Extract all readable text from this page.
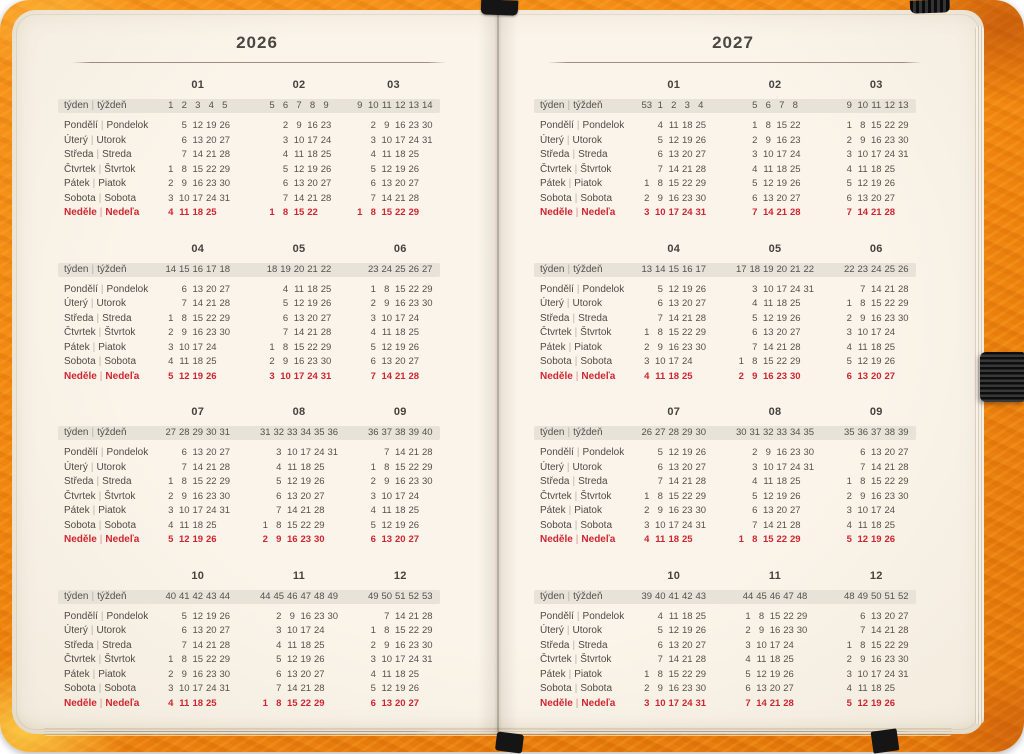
2026
týden | týždeň
Pondělí | Pondelok
Úterý | Utorok
Středa | Streda
Čtvrtek | Štvrtok
Pátek | Piatok
Sobota | Sobota
Neděle | Nedeľa
01
1 2 3 4 5
5 12 19 26
6 13 20 27
7 14 21 28
1 8 15 22 29
2 9 16 23 30
3 10 17 24 31
4 11 18 25
02
5 6 7 8 9
2 9 16 23
3 10 17 24
4 11 18 25
5 12 19 26
6 13 20 27
7 14 21 28
1 8 15 22
03
9 10 11 12 13 14
2 9 16 23 30
3 10 17 24 31
4 11 18 25
5 12 19 26
6 13 20 27
7 14 21 28
1 8 15 22 29
týden | týždeň
Pondělí | Pondelok
Úterý | Utorok
Středa | Streda
Čtvrtek | Štvrtok
Pátek | Piatok
Sobota | Sobota
Neděle | Nedeľa
04
14 15 16 17 18
6 13 20 27
7 14 21 28
1 8 15 22 29
2 9 16 23 30
3 10 17 24
4 11 18 25
5 12 19 26
05
18 19 20 21 22
4 11 18 25
5 12 19 26
6 13 20 27
7 14 21 28
1 8 15 22 29
2 9 16 23 30
3 10 17 24 31
06
23 24 25 26 27
1 8 15 22 29
2 9 16 23 30
3 10 17 24
4 11 18 25
5 12 19 26
6 13 20 27
7 14 21 28
týden | týždeň
Pondělí | Pondelok
Úterý | Utorok
Středa | Streda
Čtvrtek | Štvrtok
Pátek | Piatok
Sobota | Sobota
Neděle | Nedeľa
07
27 28 29 30 31
6 13 20 27
7 14 21 28
1 8 15 22 29
2 9 16 23 30
3 10 17 24 31
4 11 18 25
5 12 19 26
08
31 32 33 34 35 36
3 10 17 24 31
4 11 18 25
5 12 19 26
6 13 20 27
7 14 21 28
1 8 15 22 29
2 9 16 23 30
09
36 37 38 39 40
7 14 21 28
1 8 15 22 29
2 9 16 23 30
3 10 17 24
4 11 18 25
5 12 19 26
6 13 20 27
týden | týždeň
Pondělí | Pondelok
Úterý | Utorok
Středa | Streda
Čtvrtek | Štvrtok
Pátek | Piatok
Sobota | Sobota
Neděle | Nedeľa
10
40 41 42 43 44
5 12 19 26
6 13 20 27
7 14 21 28
1 8 15 22 29
2 9 16 23 30
3 10 17 24 31
4 11 18 25
11
44 45 46 47 48 49
2 9 16 23 30
3 10 17 24
4 11 18 25
5 12 19 26
6 13 20 27
7 14 21 28
1 8 15 22 29
12
49 50 51 52 53
7 14 21 28
1 8 15 22 29
2 9 16 23 30
3 10 17 24 31
4 11 18 25
5 12 19 26
6 13 20 27
2027
týden | týždeň
Pondělí | Pondelok
Úterý | Utorok
Středa | Streda
Čtvrtek | Štvrtok
Pátek | Piatok
Sobota | Sobota
Neděle | Nedeľa
01
53 1 2 3 4
4 11 18 25
5 12 19 26
6 13 20 27
7 14 21 28
1 8 15 22 29
2 9 16 23 30
3 10 17 24 31
02
5 6 7 8
1 8 15 22
2 9 16 23
3 10 17 24
4 11 18 25
5 12 19 26
6 13 20 27
7 14 21 28
03
9 10 11 12 13
1 8 15 22 29
2 9 16 23 30
3 10 17 24 31
4 11 18 25
5 12 19 26
6 13 20 27
7 14 21 28
týden | týždeň
Pondělí | Pondelok
Úterý | Utorok
Středa | Streda
Čtvrtek | Štvrtok
Pátek | Piatok
Sobota | Sobota
Neděle | Nedeľa
04
13 14 15 16 17
5 12 19 26
6 13 20 27
7 14 21 28
1 8 15 22 29
2 9 16 23 30
3 10 17 24
4 11 18 25
05
17 18 19 20 21 22
3 10 17 24 31
4 11 18 25
5 12 19 26
6 13 20 27
7 14 21 28
1 8 15 22 29
2 9 16 23 30
06
22 23 24 25 26
7 14 21 28
1 8 15 22 29
2 9 16 23 30
3 10 17 24
4 11 18 25
5 12 19 26
6 13 20 27
týden | týždeň
Pondělí | Pondelok
Úterý | Utorok
Středa | Streda
Čtvrtek | Štvrtok
Pátek | Piatok
Sobota | Sobota
Neděle | Nedeľa
07
26 27 28 29 30
5 12 19 26
6 13 20 27
7 14 21 28
1 8 15 22 29
2 9 16 23 30
3 10 17 24 31
4 11 18 25
08
30 31 32 33 34 35
2 9 16 23 30
3 10 17 24 31
4 11 18 25
5 12 19 26
6 13 20 27
7 14 21 28
1 8 15 22 29
09
35 36 37 38 39
6 13 20 27
7 14 21 28
1 8 15 22 29
2 9 16 23 30
3 10 17 24
4 11 18 25
5 12 19 26
týden | týždeň
Pondělí | Pondelok
Úterý | Utorok
Středa | Streda
Čtvrtek | Štvrtok
Pátek | Piatok
Sobota | Sobota
Neděle | Nedeľa
10
39 40 41 42 43
4 11 18 25
5 12 19 26
6 13 20 27
7 14 21 28
1 8 15 22 29
2 9 16 23 30
3 10 17 24 31
11
44 45 46 47 48
1 8 15 22 29
2 9 16 23 30
3 10 17 24
4 11 18 25
5 12 19 26
6 13 20 27
7 14 21 28
12
48 49 50 51 52
6 13 20 27
7 14 21 28
1 8 15 22 29
2 9 16 23 30
3 10 17 24 31
4 11 18 25
5 12 19 26
